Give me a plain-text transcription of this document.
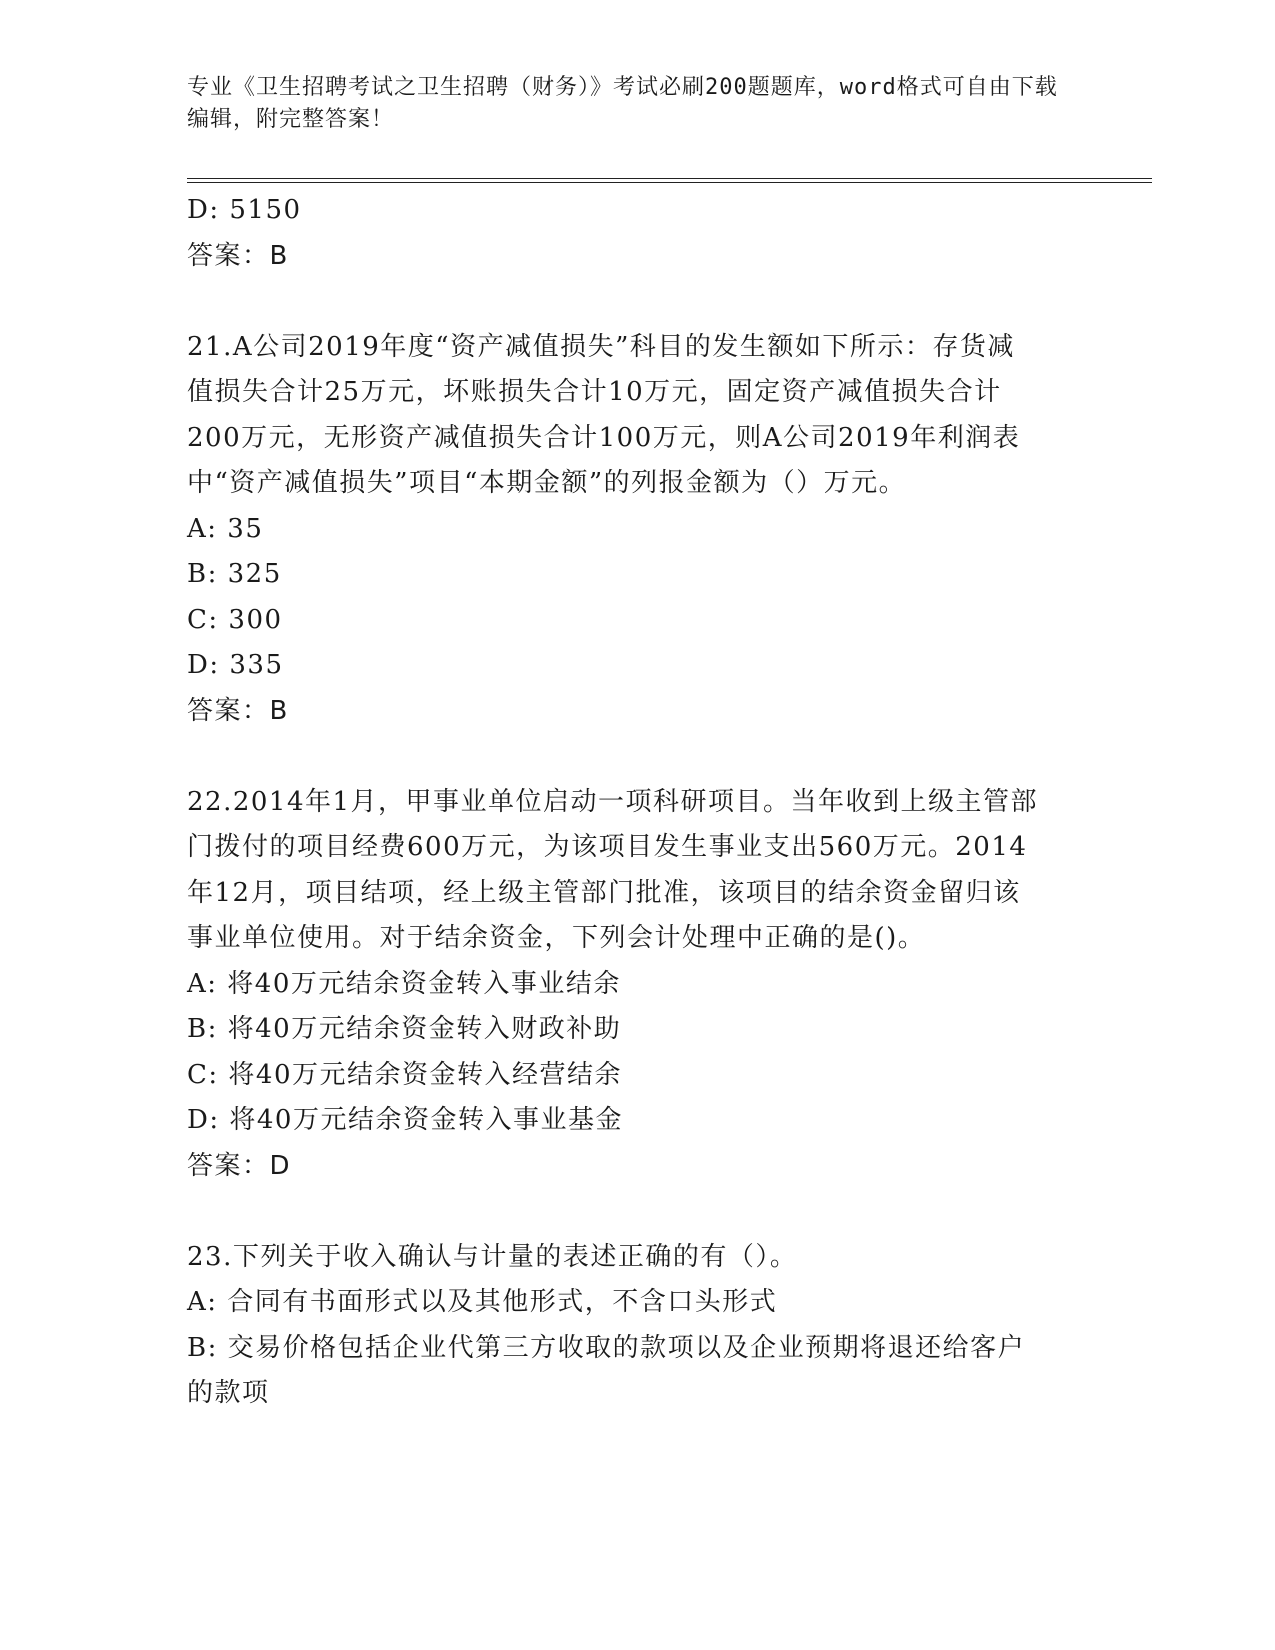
专业《卫生招聘考试之卫生招聘（财务）》考试必刷200题题库，word格式可自由下载编辑，附完整答案！
D: 5150
答案：B
21.A公司2019年度“资产减值损失”科目的发生额如下所示：存货减
值损失合计25万元，坏账损失合计10万元，固定资产减值损失合计
200万元，无形资产减值损失合计100万元，则A公司2019年利润表
中“资产减值损失”项目“本期金额”的列报金额为（）万元。
A: 35
B: 325
C: 300
D: 335
答案：B
22.2014年1月，甲事业单位启动一项科研项目。当年收到上级主管部
门拨付的项目经费600万元，为该项目发生事业支出560万元。2014
年12月，项目结项，经上级主管部门批准，该项目的结余资金留归该
事业单位使用。对于结余资金，下列会计处理中正确的是()。
A: 将40万元结余资金转入事业结余
B: 将40万元结余资金转入财政补助
C: 将40万元结余资金转入经营结余
D: 将40万元结余资金转入事业基金
答案：D
23.下列关于收入确认与计量的表述正确的有（）。
A: 合同有书面形式以及其他形式，不含口头形式
B: 交易价格包括企业代第三方收取的款项以及企业预期将退还给客户
的款项
